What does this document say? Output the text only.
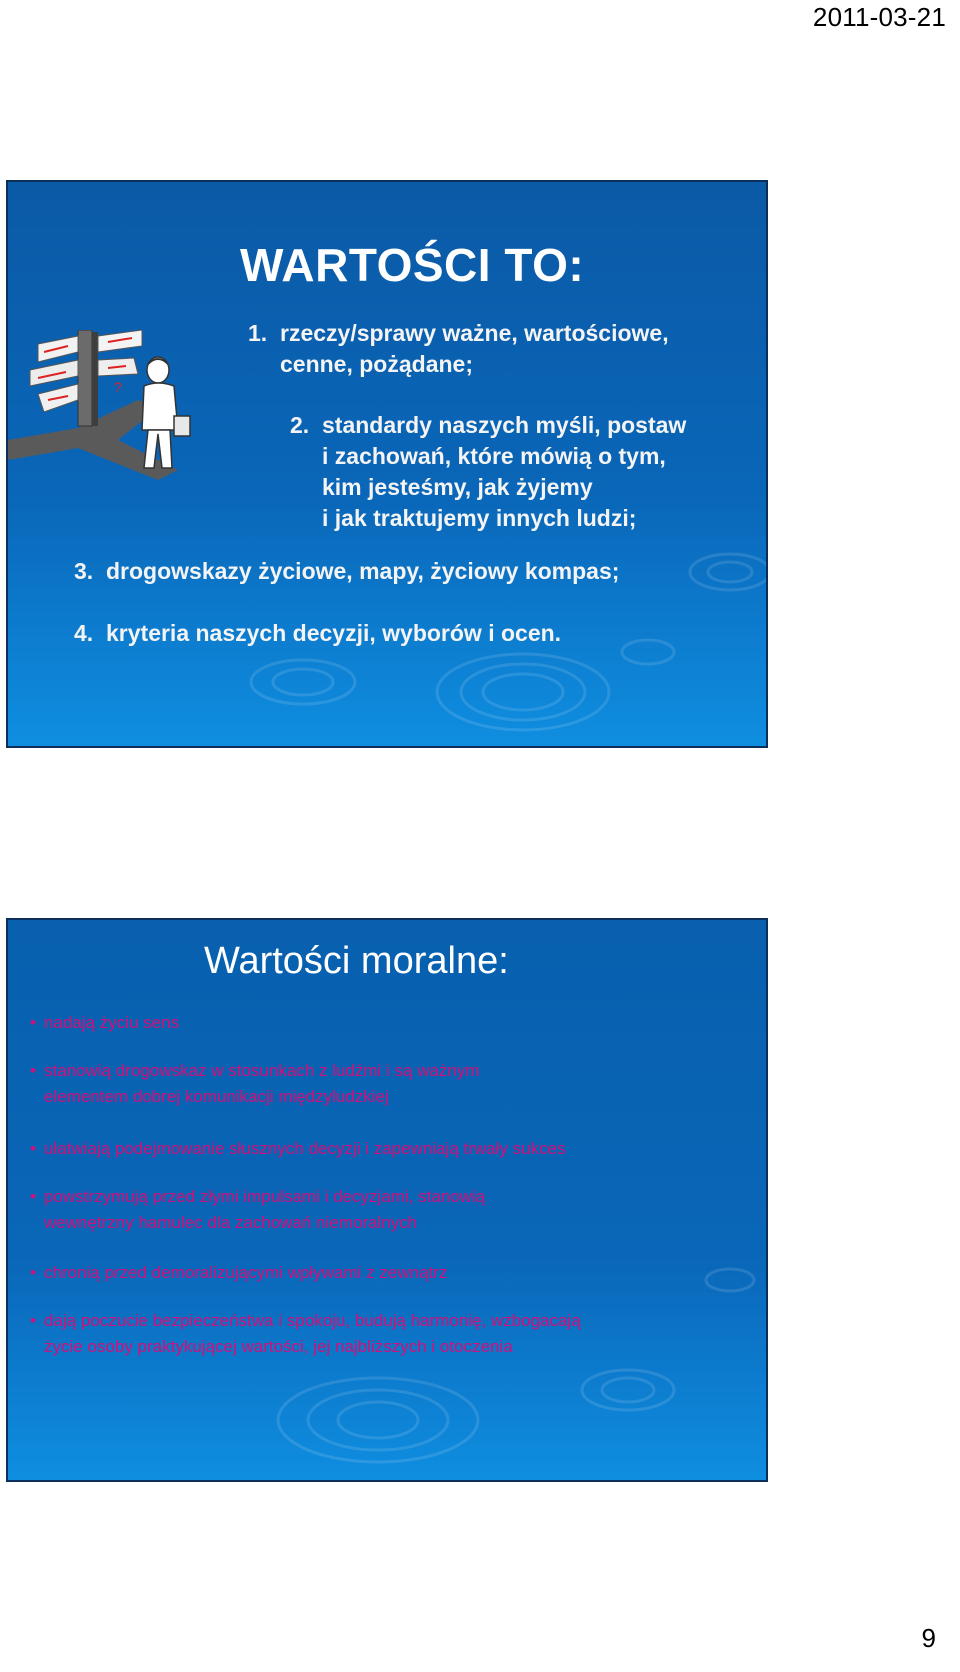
2011-03-21
WARTOŚCI TO:
?

1. rzeczy/sprawy ważne, wartościowe,
cenne, pożądane;

2. standardy naszych myśli, postaw
i zachowań, które mówią o tym,
kim jesteśmy, jak żyjemy
i jak traktujemy innych ludzi;

3. drogowskazy życiowe, mapy, życiowy kompas;

4. kryteria naszych decyzji, wyborów i ocen.

Wartości moralne:

• nadają życiu sens

• stanowią drogowskaz w stosunkach z ludźmi i są ważnym
elementem dobrej komunikacji międzyludzkiej

• ułatwiają podejmowanie słusznych decyzji i zapewniają trwały sukces

• powstrzymują przed złymi impulsami i decyzjami, stanowią
wewnętrzny hamulec dla zachowań niemoralnych

• chronią przed demoralizującymi wpływami z zewnątrz

• dają poczucie bezpieczeństwa i spokoju, budują harmonię, wzbogacają
życie osoby praktykującej wartości, jej najbliższych i otoczenia

9
